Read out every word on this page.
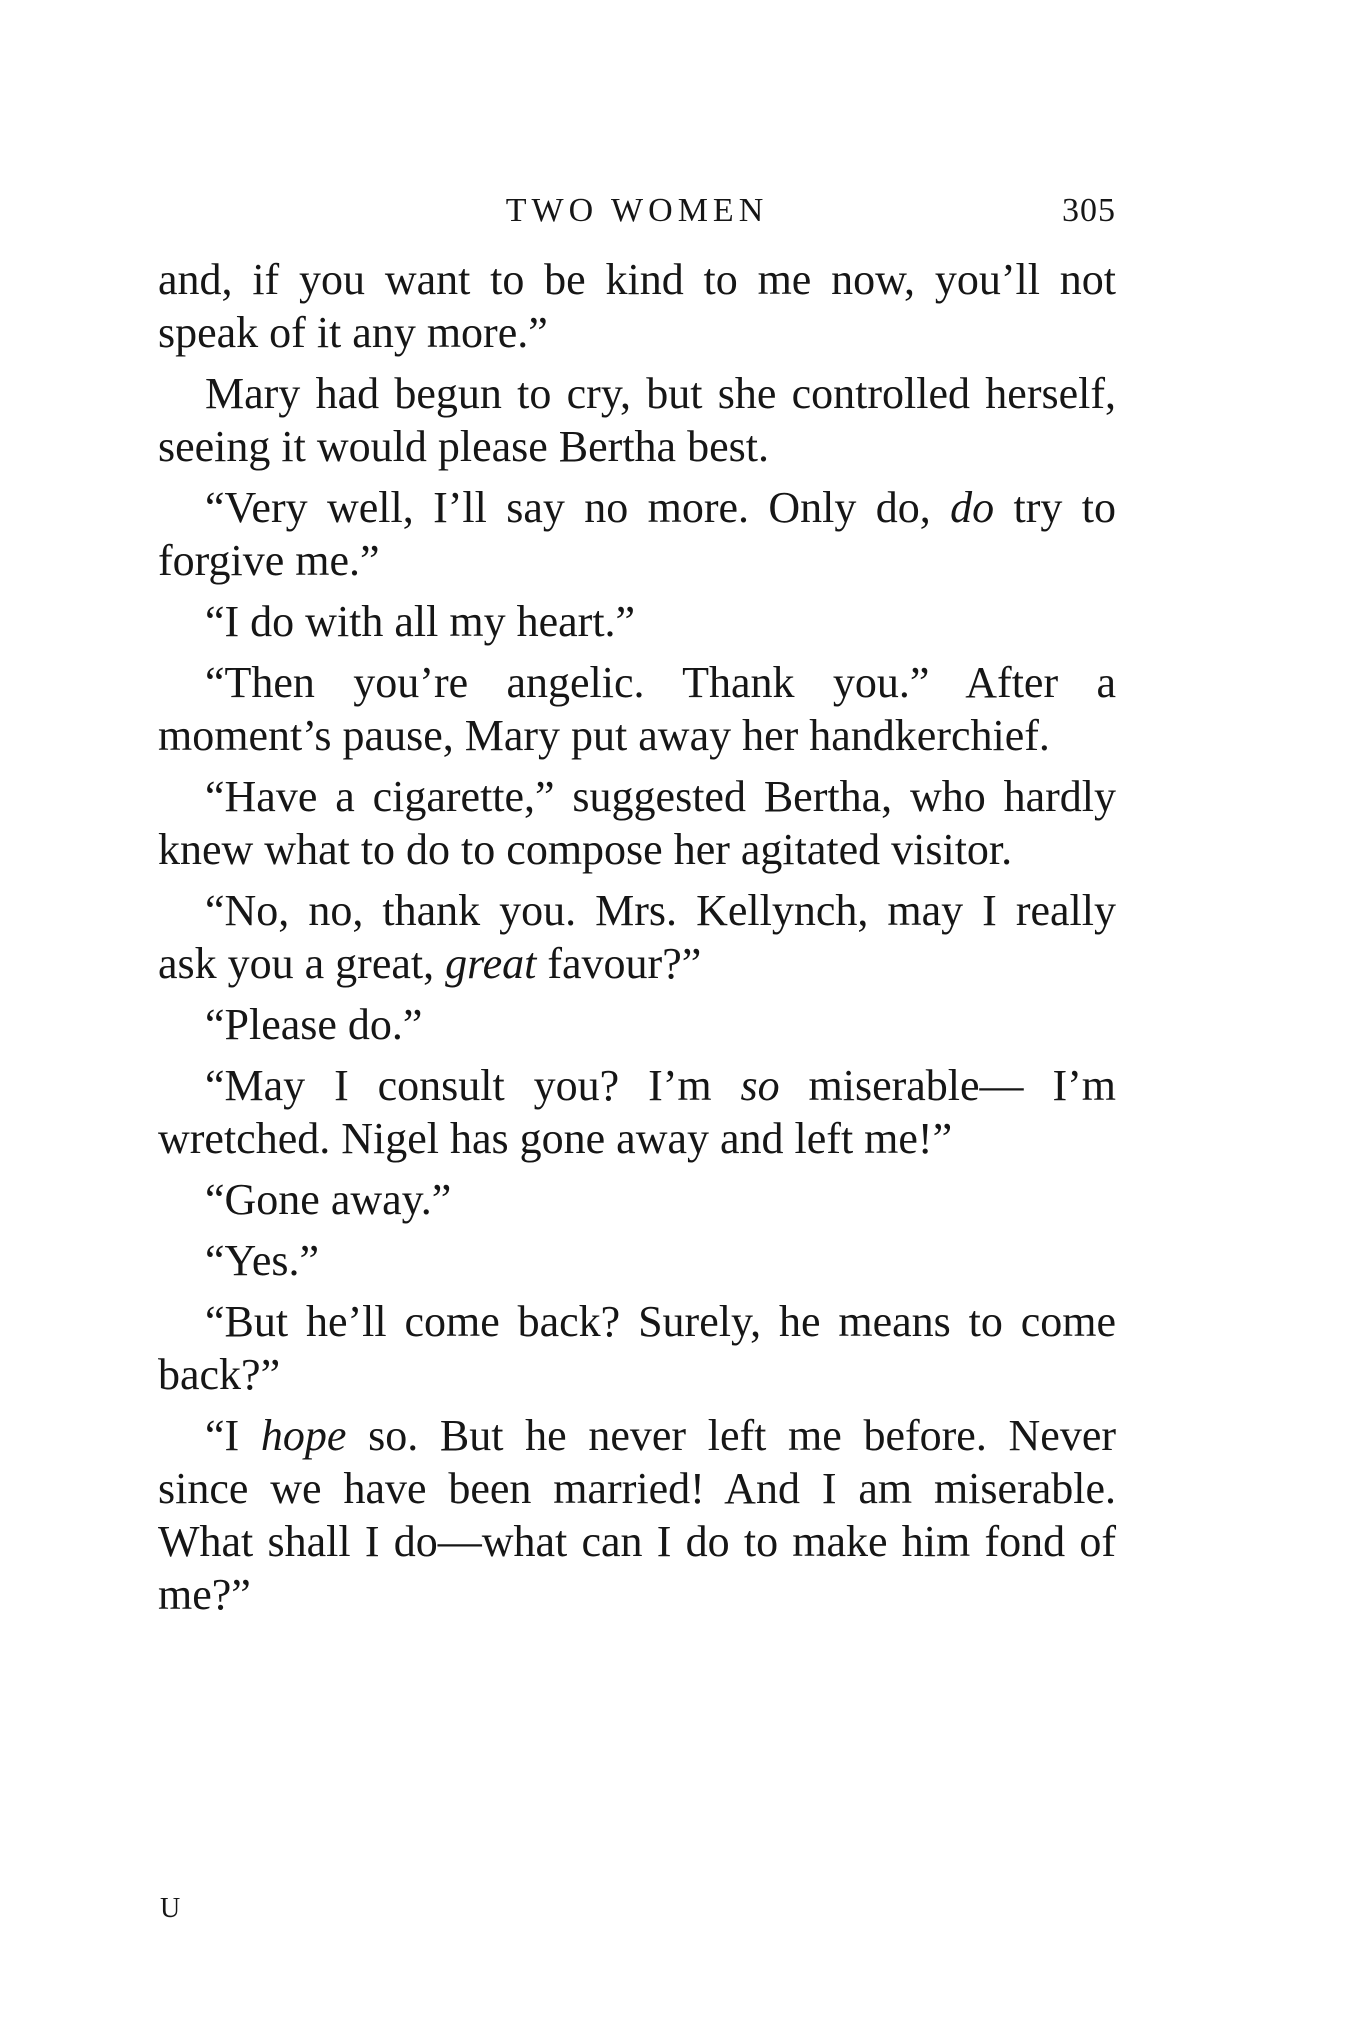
TWO WOMEN	305

and, if you want to be kind to me now, you’ll not speak of it any more.”

Mary had begun to cry, but she controlled herself, seeing it would please Bertha best.

“Very well, I’ll say no more. Only do, do try to forgive me.”

“I do with all my heart.”

“Then you’re angelic. Thank you.” After a moment’s pause, Mary put away her handkerchief.

“Have a cigarette,” suggested Bertha, who hardly knew what to do to compose her agitated visitor.

“No, no, thank you. Mrs. Kellynch, may I really ask you a great, great favour?”

“Please do.”

“May I consult you? I’m so miserable— I’m wretched. Nigel has gone away and left me!”

“Gone away.”

“Yes.”

“But he’ll come back? Surely, he means to come back?”

“I hope so. But he never left me before. Never since we have been married! And I am miserable. What shall I do—what can I do to make him fond of me?”

U
